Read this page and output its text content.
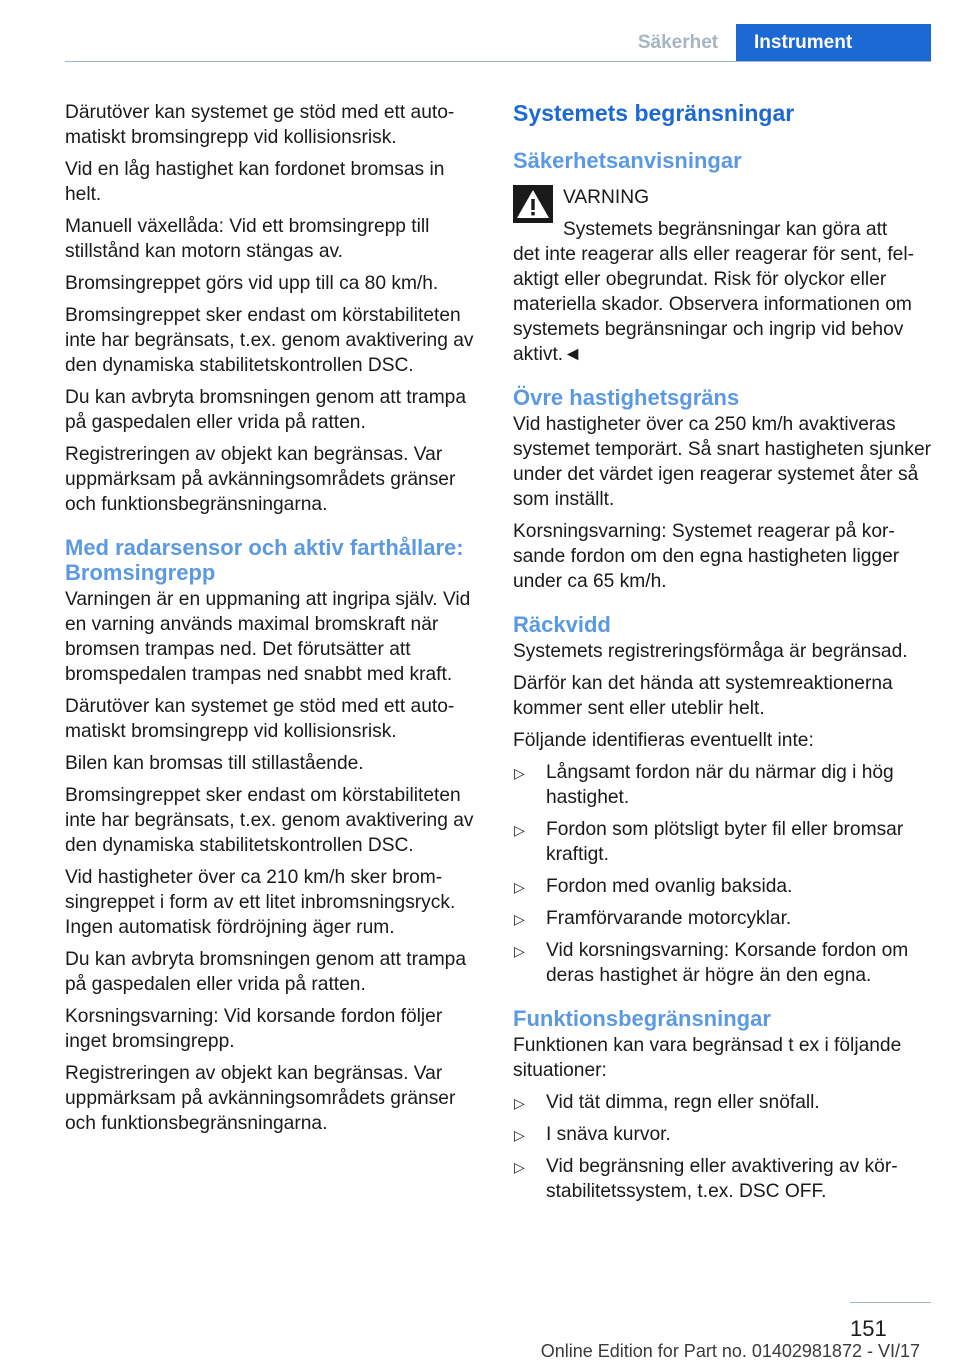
Säkerhet	Instrument

Därutöver kan systemet ge stöd med ett automatiskt bromsingrepp vid kollisionsrisk.

Vid en låg hastighet kan fordonet bromsas in helt.

Manuell växellåda: Vid ett bromsingrepp till stillstånd kan motorn stängas av.

Bromsingreppet görs vid upp till ca 80 km/h.

Bromsingreppet sker endast om körstabiliteten inte har begränsats, t.ex. genom avaktivering av den dynamiska stabilitetskontrollen DSC.

Du kan avbryta bromsningen genom att trampa på gaspedalen eller vrida på ratten.

Registreringen av objekt kan begränsas. Var uppmärksam på avkänningsområdets gränser och funktionsbegränsningarna.

Med radarsensor och aktiv farthållare: Bromsingrepp

Varningen är en uppmaning att ingripa själv. Vid en varning används maximal bromskraft när bromsen trampas ned. Det förutsätter att bromspedalen trampas ned snabbt med kraft.

Därutöver kan systemet ge stöd med ett automatiskt bromsingrepp vid kollisionsrisk.

Bilen kan bromsas till stillastående.

Bromsingreppet sker endast om körstabiliteten inte har begränsats, t.ex. genom avaktivering av den dynamiska stabilitetskontrollen DSC.

Vid hastigheter över ca 210 km/h sker bromsingreppet i form av ett litet inbromsningsryck. Ingen automatisk fördröjning äger rum.

Du kan avbryta bromsningen genom att trampa på gaspedalen eller vrida på ratten.

Korsningsvarning: Vid korsande fordon följer inget bromsingrepp.

Registreringen av objekt kan begränsas. Var uppmärksam på avkänningsområdets gränser och funktionsbegränsningarna.

Systemets begränsningar
Säkerhetsanvisningar

VARNING

Systemets begränsningar kan göra att
det inte reagerar alls eller reagerar för sent, felaktigt eller obegrundat. Risk för olyckor eller materiella skador. Observera informationen om systemets begränsningar och ingrip vid behov aktivt.◄

Övre hastighetsgräns

Vid hastigheter över ca 250 km/h avaktiveras systemet temporärt. Så snart hastigheten sjunker under det värdet igen reagerar systemet åter så som inställt.

Korsningsvarning: Systemet reagerar på korsande fordon om den egna hastigheten ligger under ca 65 km/h.

Räckvidd

Systemets registreringsförmåga är begränsad.

Därför kan det hända att systemreaktionerna kommer sent eller uteblir helt.

Följande identifieras eventuellt inte:

▷ Långsamt fordon när du närmar dig i hög hastighet.
▷ Fordon som plötsligt byter fil eller bromsar kraftigt.
▷ Fordon med ovanlig baksida.
▷ Framförvarande motorcyklar.
▷ Vid korsningsvarning: Korsande fordon om deras hastighet är högre än den egna.
Funktionsbegränsningar

Funktionen kan vara begränsad t ex i följande situationer:

▷ Vid tät dimma, regn eller snöfall.
▷ I snäva kurvor.
▷ Vid begränsning eller avaktivering av körstabilitetssystem, t.ex. DSC OFF.
151
Online Edition for Part no. 01402981872 - VI/17
